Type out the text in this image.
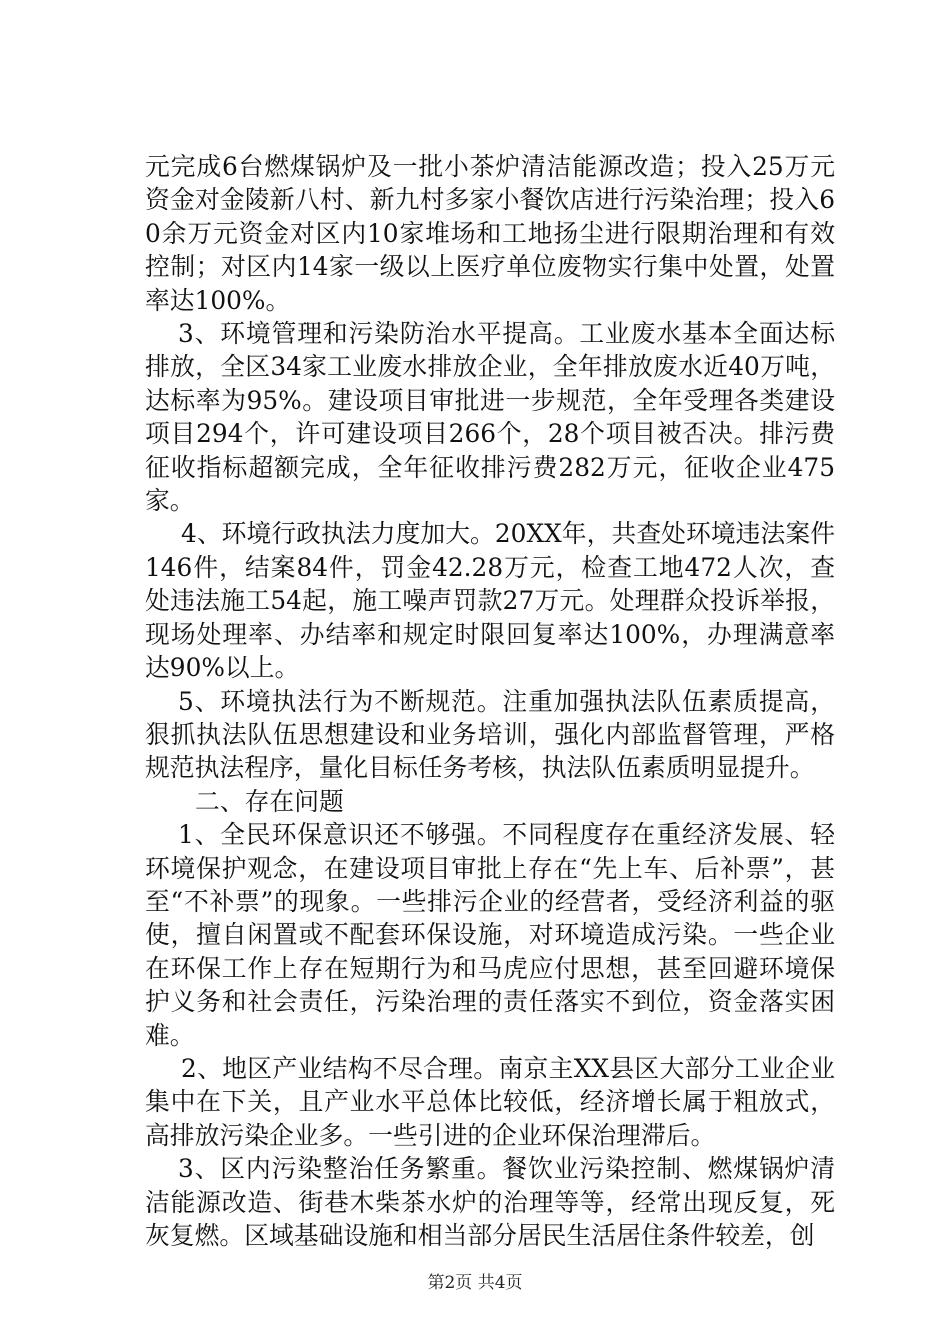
元完成6台燃煤锅炉及一批小茶炉清洁能源改造；投入25万元资金对金陵新八村、新九村多家小餐饮店进行污染治理；投入60余万元资金对区内10家堆场和工地扬尘进行限期治理和有效控制；对区内14家一级以上医疗单位废物实行集中处置，处置率达100%。

3、环境管理和污染防治水平提高。工业废水基本全面达标排放，全区34家工业废水排放企业，全年排放废水近40万吨，达标率为95%。建设项目审批进一步规范，全年受理各类建设项目294个，许可建设项目266个，28个项目被否决。排污费征收指标超额完成，全年征收排污费282万元，征收企业475家。

4、环境行政执法力度加大。20XX年，共查处环境违法案件146件，结案84件，罚金42.28万元，检查工地472人次，查处违法施工54起，施工噪声罚款27万元。处理群众投诉举报，现场处理率、办结率和规定时限回复率达100%，办理满意率达90%以上。

5、环境执法行为不断规范。注重加强执法队伍素质提高，狠抓执法队伍思想建设和业务培训，强化内部监督管理，严格规范执法程序，量化目标任务考核，执法队伍素质明显提升。

二、存在问题

1、全民环保意识还不够强。不同程度存在重经济发展、轻环境保护观念，在建设项目审批上存在“先上车、后补票”，甚至“不补票”的现象。一些排污企业的经营者，受经济利益的驱使，擅自闲置或不配套环保设施，对环境造成污染。一些企业在环保工作上存在短期行为和马虎应付思想，甚至回避环境保护义务和社会责任，污染治理的责任落实不到位，资金落实困难。

2、地区产业结构不尽合理。南京主XX县区大部分工业企业集中在下关，且产业水平总体比较低，经济增长属于粗放式，高排放污染企业多。一些引进的企业环保治理滞后。

3、区内污染整治任务繁重。餐饮业污染控制、燃煤锅炉清洁能源改造、街巷木柴茶水炉的治理等等，经常出现反复，死灰复燃。区域基础设施和相当部分居民生活居住条件较差，创

第2页 共4页
